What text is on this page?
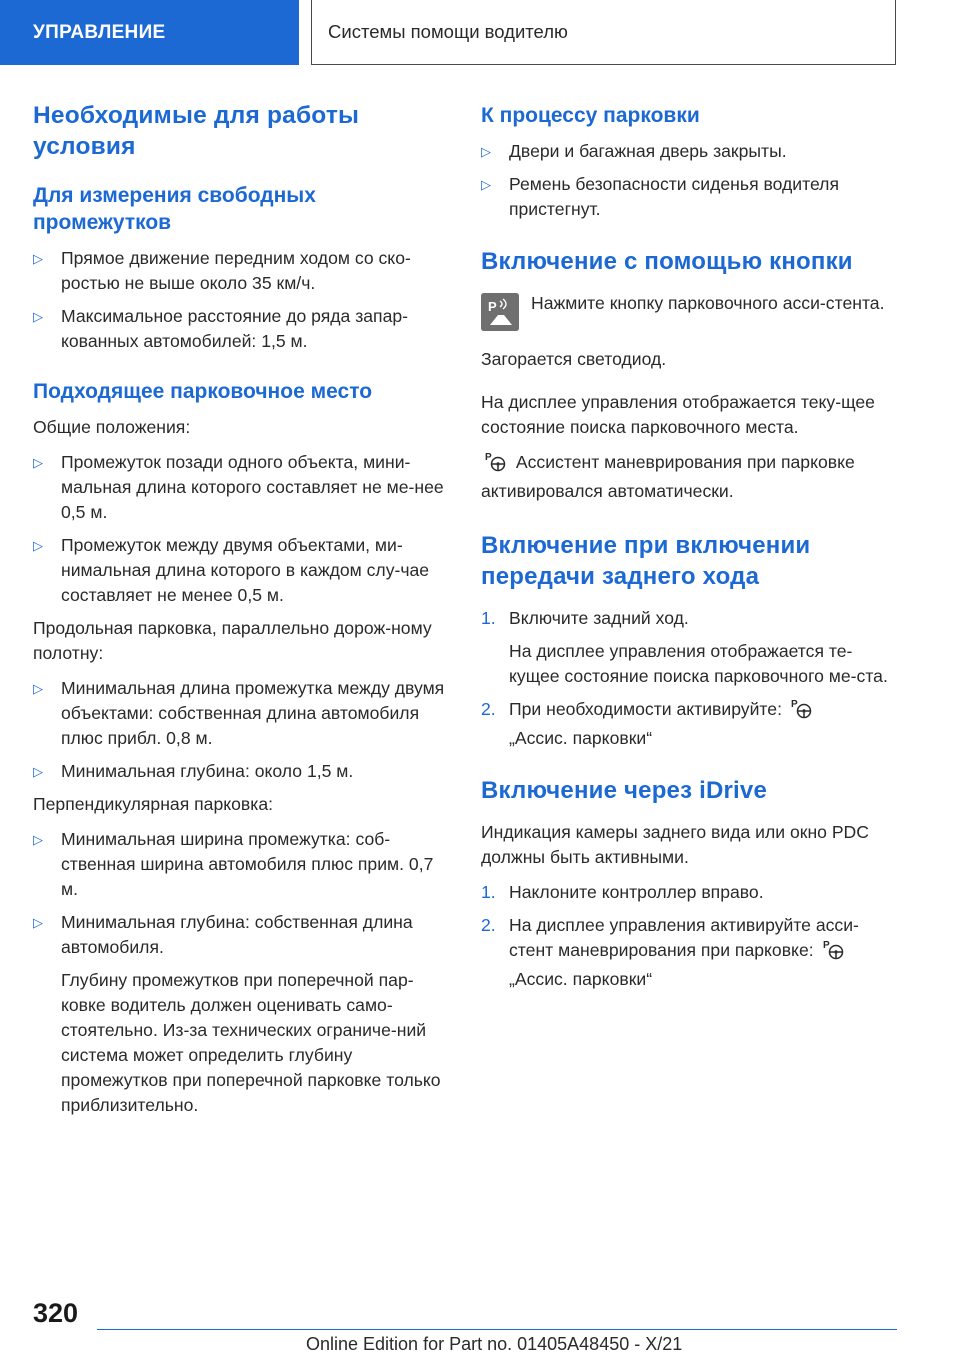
УПРАВЛЕНИЕ	Системы помощи водителю
Необходимые для работы условия
Для измерения свободных промежутков
▷ Прямое движение передним ходом со ско-ростью не выше около 35 км/ч.
▷ Максимальное расстояние до ряда запар-кованных автомобилей: 1,5 м.
Подходящее парковочное место

Общие положения:

▷ Промежуток позади одного объекта, мини-мальная длина которого составляет не ме-нее 0,5 м.
▷ Промежуток между двумя объектами, ми-нимальная длина которого в каждом слу-чае составляет не менее 0,5 м.

Продольная парковка, параллельно дорож-ному полотну:

▷ Минимальная длина промежутка между двумя объектами: собственная длина автомобиля плюс прибл. 0,8 м.
▷ Минимальная глубина: около 1,5 м.

Перпендикулярная парковка:

▷ Минимальная ширина промежутка: соб-ственная ширина автомобиля плюс прим. 0,7 м.
▷ Минимальная глубина: собственная длина автомобиля.
Глубину промежутков при поперечной пар-ковке водитель должен оценивать само-стоятельно. Из-за технических ограниче-ний система может определить глубину промежутков при поперечной парковке только приблизительно.
К процессу парковки
▷ Двери и багажная дверь закрыты.
▷ Ремень безопасности сиденья водителя пристегнут.
Включение с помощью кнопки
P Нажмите кнопку парковочного асси-стента.

Загорается светодиод.

На дисплее управления отображается теку-щее состояние поиска парковочного места.

P Ассистент маневрирования при парковке активировался автоматически.

Включение при включении передачи заднего хода
1. Включите задний ход.
На дисплее управления отображается те-кущее состояние поиска парковочного ме-ста.
2. При необходимости активируйте: P
„Ассис. парковки“
Включение через iDrive

Индикация камеры заднего вида или окно PDC должны быть активными.

1. Наклоните контроллер вправо.
2. На дисплее управления активируйте асси-стент маневрирования при парковке: P
„Ассис. парковки“
320
Online Edition for Part no. 01405A48450 - X/21
